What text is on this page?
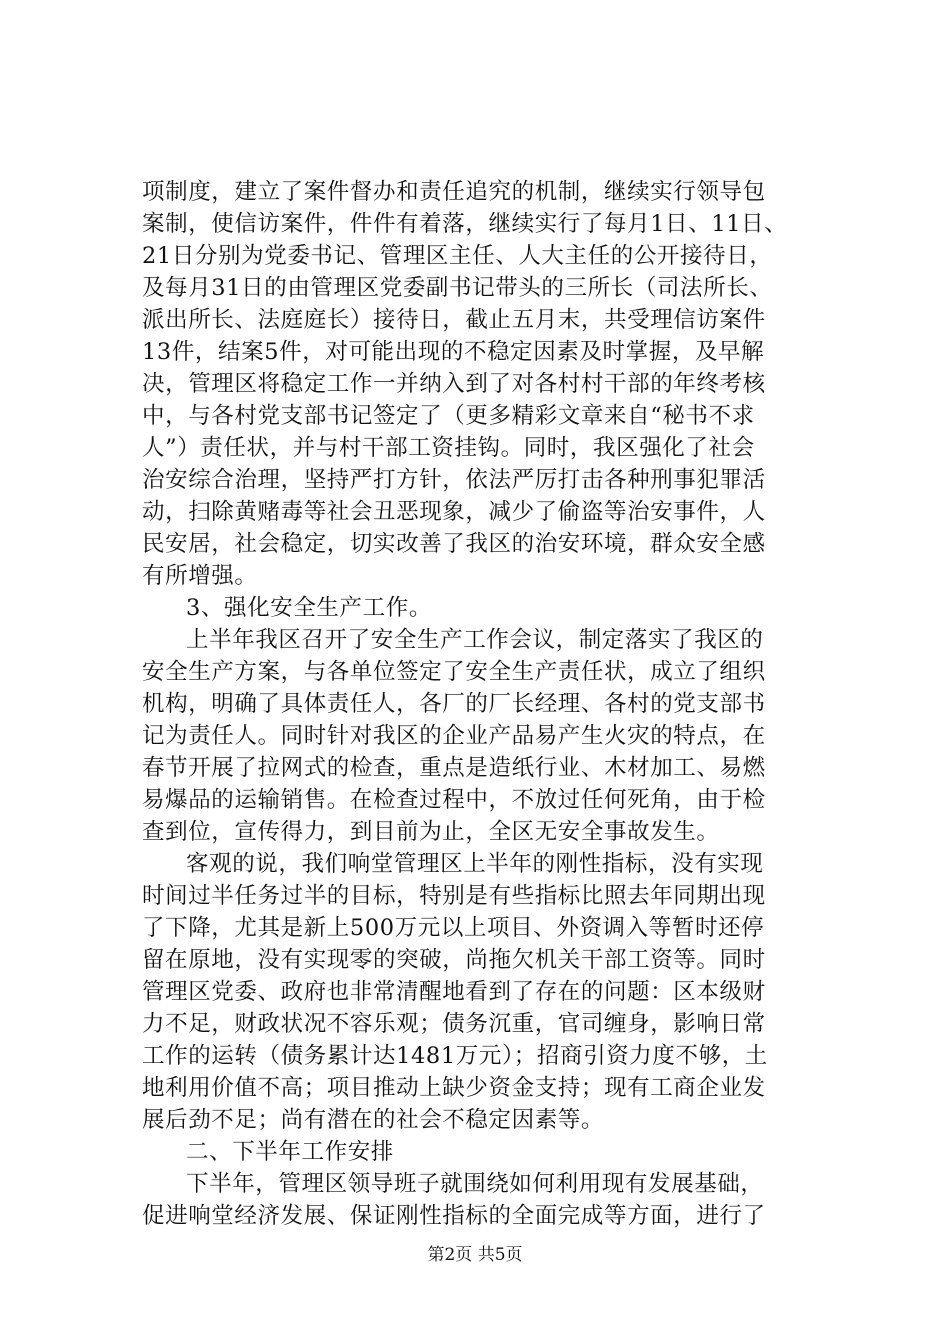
项制度，建立了案件督办和责任追究的机制，继续实行领导包
案制，使信访案件，件件有着落，继续实行了每月1日、11日、
21日分别为党委书记、管理区主任、人大主任的公开接待日，
及每月31日的由管理区党委副书记带头的三所长（司法所长、
派出所长、法庭庭长）接待日，截止五月末，共受理信访案件
13件，结案5件，对可能出现的不稳定因素及时掌握，及早解
决，管理区将稳定工作一并纳入到了对各村村干部的年终考核
中，与各村党支部书记签定了（更多精彩文章来自“秘书不求
人”）责任状，并与村干部工资挂钩。同时，我区强化了社会
治安综合治理，坚持严打方针，依法严厉打击各种刑事犯罪活
动，扫除黄赌毒等社会丑恶现象，减少了偷盗等治安事件，人
民安居，社会稳定，切实改善了我区的治安环境，群众安全感
有所增强。
3、强化安全生产工作。
上半年我区召开了安全生产工作会议，制定落实了我区的
安全生产方案，与各单位签定了安全生产责任状，成立了组织
机构，明确了具体责任人，各厂的厂长经理、各村的党支部书
记为责任人。同时针对我区的企业产品易产生火灾的特点，在
春节开展了拉网式的检查，重点是造纸行业、木材加工、易燃
易爆品的运输销售。在检查过程中，不放过任何死角，由于检
查到位，宣传得力，到目前为止，全区无安全事故发生。
客观的说，我们响堂管理区上半年的刚性指标，没有实现
时间过半任务过半的目标，特别是有些指标比照去年同期出现
了下降，尤其是新上500万元以上项目、外资调入等暂时还停
留在原地，没有实现零的突破，尚拖欠机关干部工资等。同时
管理区党委、政府也非常清醒地看到了存在的问题：区本级财
力不足，财政状况不容乐观；债务沉重，官司缠身，影响日常
工作的运转（债务累计达1481万元）；招商引资力度不够，土
地利用价值不高；项目推动上缺少资金支持；现有工商企业发
展后劲不足；尚有潜在的社会不稳定因素等。
二、下半年工作安排
下半年，管理区领导班子就围绕如何利用现有发展基础，
促进响堂经济发展、保证刚性指标的全面完成等方面，进行了
第2页 共5页
